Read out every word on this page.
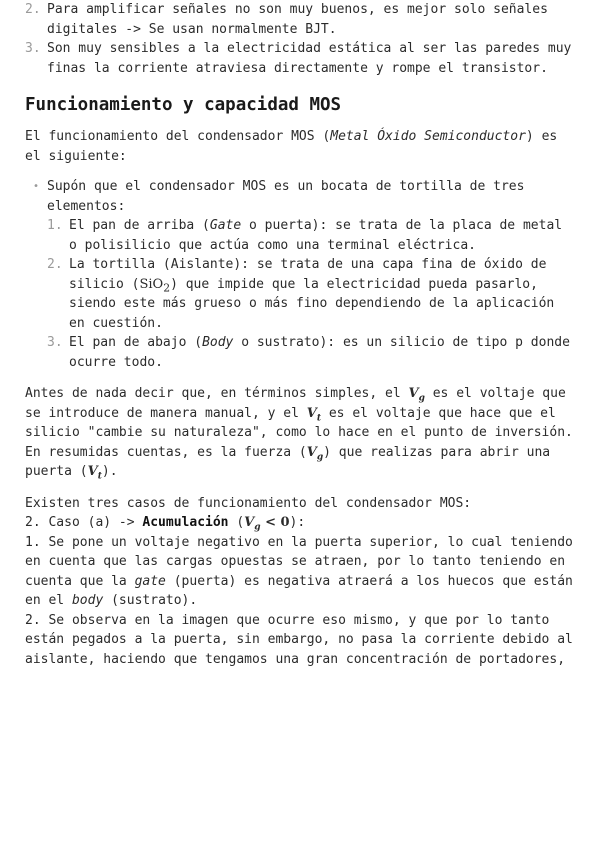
2. Para amplificar señales no son muy buenos, es mejor solo señales digitales -> Se usan normalmente BJT.
3. Son muy sensibles a la electricidad estática al ser las paredes muy finas la corriente atraviesa directamente y rompe el transistor.
Funcionamiento y capacidad MOS

El funcionamiento del condensador MOS (Metal Óxido Semiconductor) es el siguiente:

• Supón que el condensador MOS es un bocata de tortilla de tres elementos:
1. El pan de arriba (Gate o puerta): se trata de la placa de metal o polisilicio que actúa como una terminal eléctrica.
2. La tortilla (Aislante): se trata de una capa fina de óxido de silicio (SiO$_2$) que impide que la electricidad pueda pasarlo, siendo este más grueso o más fino dependiendo de la aplicación en cuestión.
3. El pan de abajo (Body o sustrato): es un silicio de tipo p donde ocurre todo.

Antes de nada decir que, en términos simples, el $V_g$ es el voltaje que se introduce de manera manual, y el $V_t$ es el voltaje que hace que el silicio "cambie su naturaleza", como lo hace en el punto de inversión. En resumidas cuentas, es la fuerza $(V_g)$ que realizas para abrir una puerta $(V_t)$.

Existen tres casos de funcionamiento del condensador MOS:
2. Caso (a) -> Acumulación $(V_g < 0)$:
1. Se pone un voltaje negativo en la puerta superior, lo cual teniendo en cuenta que las cargas opuestas se atraen, por lo tanto teniendo en cuenta que la gate (puerta) es negativa atraerá a los huecos que están en el body (sustrato).
2. Se observa en la imagen que ocurre eso mismo, y que por lo tanto están pegados a la puerta, sin embargo, no pasa la corriente debido al aislante, haciendo que tengamos una gran concentración de portadores,
